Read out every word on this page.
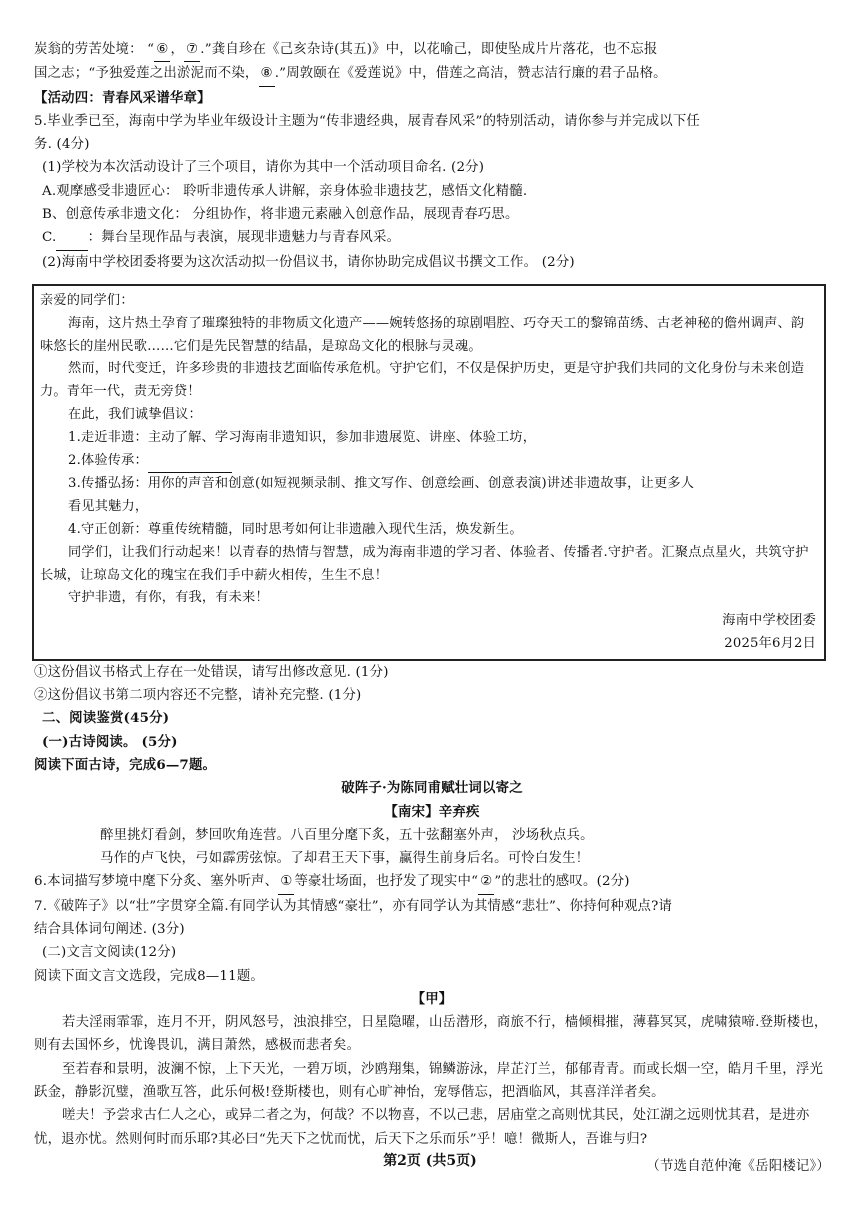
炭翁的劳苦处境： “ ⑥ ， ⑦ .”龚自珍在《己亥杂诗(其五)》中，以花喻己，即使坠成片片落花，也不忘报
国之志；“予独爱莲之出淤泥而不染， ⑧ .”周敦颐在《爱莲说》中，借莲之高洁，赞志洁行廉的君子品格。
【活动四：青春风采谱华章】
5.毕业季已至，海南中学为毕业年级设计主题为“传非遗经典，展青春风采”的特别活动，请你参与并完成以下任
务. (4分)
(1)学校为本次活动设计了三个项目，请你为其中一个活动项目命名. (2分)
A.观摩感受非遗匠心： 聆听非遗传承人讲解，亲身体验非遗技艺，感悟文化精髓.
B、创意传承非遗文化： 分组协作，将非遗元素融入创意作品，展现青春巧思。
C.   ：舞台呈现作品与表演，展现非遗魅力与青春风采。
(2)海南中学校团委将要为这次活动拟一份倡议书，请你协助完成倡议书撰文工作。 (2分)
亲爱的同学们：
海南，这片热土孕育了璀璨独特的非物质文化遗产——婉转悠扬的琼剧唱腔、巧夺天工的黎锦苗绣、古老神秘的儋州调声、韵味悠长的崖州民歌……它们是先民智慧的结晶，是琼岛文化的根脉与灵魂。
然而，时代变迁，许多珍贵的非遗技艺面临传承危机。守护它们，不仅是保护历史，更是守护我们共同的文化身份与未来创造力。青年一代，责无旁贷！
在此，我们诚挚倡议：
1.走近非遗：主动了解、学习海南非遗知识，参加非遗展览、讲座、体验工坊，
2.体验传承：      
3.传播弘扬：用你的声音和创意(如短视频录制、推文写作、创意绘画、创意表演)讲述非遗故事，让更多人
看见其魅力，
4.守正创新：尊重传统精髓，同时思考如何让非遗融入现代生活，焕发新生。
同学们，让我们行动起来！以青春的热情与智慧，成为海南非遗的学习者、体验者、传播者.守护者。汇聚点点星火，共筑守护长城，让琼岛文化的瑰宝在我们手中薪火相传，生生不息！
守护非遗，有你，有我，有未来！
海南中学校团委
2025年6月2日
①这份倡议书格式上存在一处错误，请写出修改意见. (1分)
②这份倡议书第二项内容还不完整，请补充完整. (1分)
二、阅读鉴赏(45分)
(一)古诗阅读。 (5分)
阅读下面古诗，完成6—7题。
破阵子·为陈同甫赋壮词以寄之
【南宋】辛弃疾
醉里挑灯看剑，梦回吹角连营。八百里分麾下炙，五十弦翻塞外声， 沙场秋点兵。
马作的卢飞快，弓如霹雳弦惊。了却君王天下事，赢得生前身后名。可怜白发生！
6.本词描写梦境中麾下分炙、塞外听声、 ① 等豪壮场面，也抒发了现实中“ ② ”的悲壮的感叹。(2分)
7.《破阵子》以“壮”字贯穿全篇.有同学认为其情感“豪壮”，亦有同学认为其情感“悲壮”、你持何种观点?请
结合具体词句阐述. (3分)
(二)文言文阅读(12分)
阅读下面文言文选段，完成8—11题。
【甲】
若夫淫雨霏霏，连月不开，阴风怒号，浊浪排空，日星隐曜，山岳潜形，商旅不行，樯倾楫摧，薄暮冥冥，虎啸猿啼.登斯楼也，则有去国怀乡，忧谗畏讥，满目萧然，感极而悲者矣。
至若春和景明，波澜不惊，上下天光，一碧万顷，沙鸥翔集，锦鳞游泳，岸芷汀兰，郁郁青青。而或长烟一空，皓月千里，浮光跃金，静影沉璧，渔歌互答，此乐何极!登斯楼也，则有心旷神怡，宠辱偕忘，把酒临风，其喜洋洋者矣。
嗟夫！予尝求古仁人之心，或异二者之为，何哉？不以物喜，不以己悲，居庙堂之高则忧其民，处江湖之远则忧其君，是进亦忧，退亦忧。然则何时而乐耶?其必曰“先天下之忧而忧，后天下之乐而乐”乎！噫！微斯人，吾谁与归?
（节选自范仲淹《岳阳楼记》）
第2页 (共5页)
